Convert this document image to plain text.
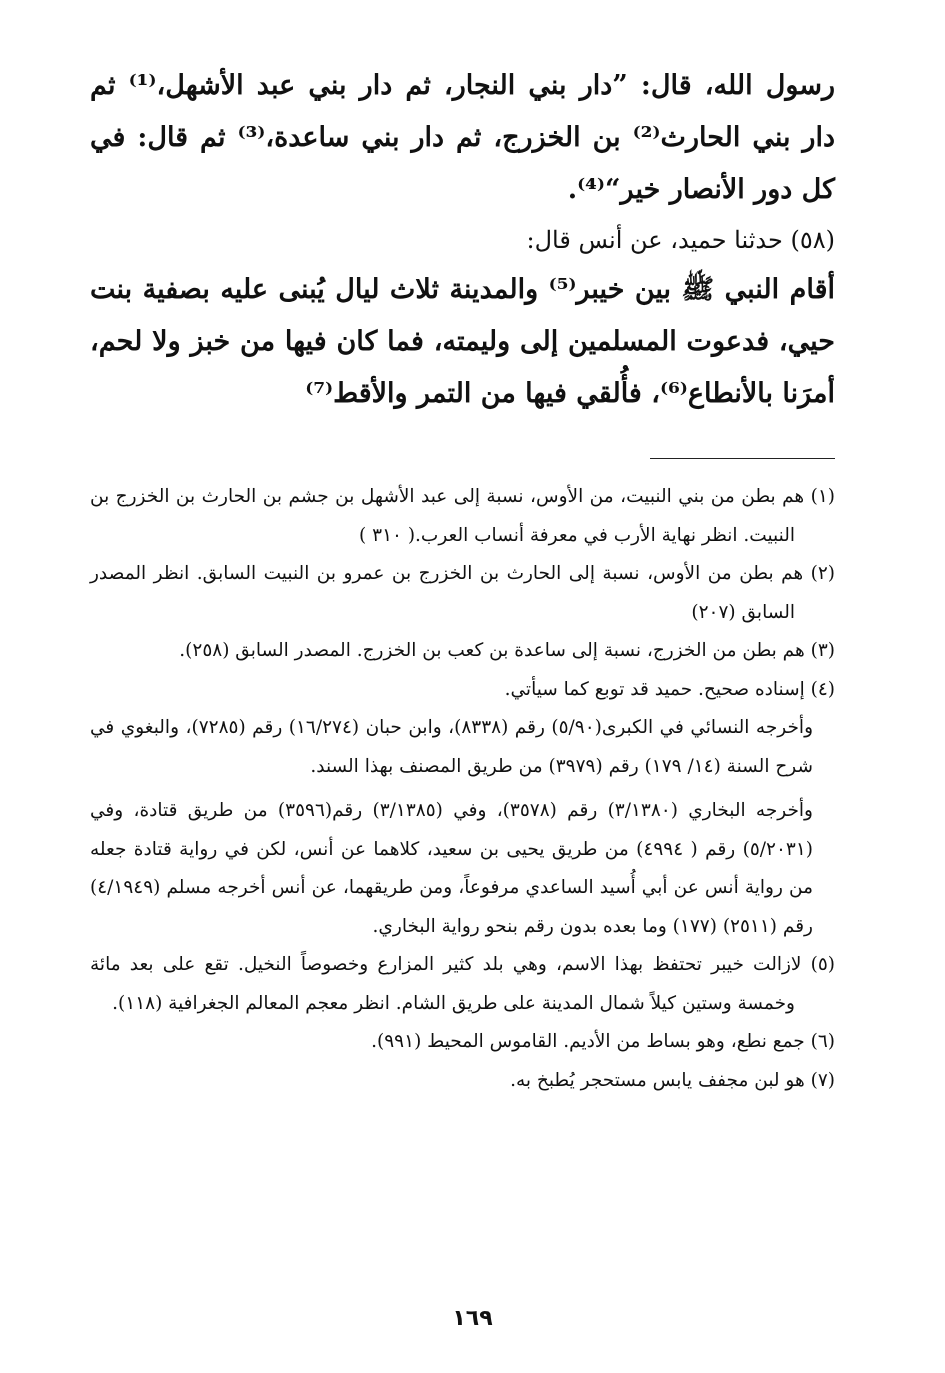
رسول الله، قال: ”دار بني النجار، ثم دار بني عبد الأشهل،⁽¹⁾ ثم دار بني الحارث⁽²⁾ بن الخزرج، ثم دار بني ساعدة،⁽³⁾ ثم قال: في كل دور الأنصار خير“⁽⁴⁾.

(٥٨) حدثنا حميد، عن أنس قال:

أقام النبي ﷺ بين خيبر⁽⁵⁾ والمدينة ثلاث ليال يُبنى عليه بصفية بنت حيي، فدعوت المسلمين إلى وليمته، فما كان فيها من خبز ولا لحم، أمرَنا بالأنطاع⁽⁶⁾، فأُلقي فيها من التمر والأقط⁽⁷⁾

(١) هم بطن من بني النبيت، من الأوس، نسبة إلى عبد الأشهل بن جشم بن الحارث بن الخزرج بن النبيت. انظر نهاية الأرب في معرفة أنساب العرب.( ٣١٠ )

(٢) هم بطن من الأوس، نسبة إلى الحارث بن الخزرج بن عمرو بن النبيت السابق. انظر المصدر السابق (٢٠٧)

(٣) هم بطن من الخزرج، نسبة إلى ساعدة بن كعب بن الخزرج. المصدر السابق (٢٥٨).

(٤) إسناده صحيح. حميد قد توبع كما سيأتي.

وأخرجه النسائي في الكبرى(٥/٩٠) رقم (٨٣٣٨)، وابن حبان (١٦/٢٧٤) رقم (٧٢٨٥)، والبغوي في شرح السنة (١٤/ ١٧٩) رقم (٣٩٧٩) من طريق المصنف بهذا السند.

وأخرجه البخاري (٣/١٣٨٠) رقم (٣٥٧٨)، وفي (٣/١٣٨٥) رقم(٣٥٩٦) من طريق قتادة، وفي (٥/٢٠٣١) رقم ( ٤٩٩٤) من طريق يحيى بن سعيد، كلاهما عن أنس، لكن في رواية قتادة جعله من رواية أنس عن أبي أُسيد الساعدي مرفوعاً، ومن طريقهما، عن أنس أخرجه مسلم (٤/١٩٤٩) رقم (٢٥١١) (١٧٧) وما بعده بدون رقم بنحو رواية البخاري.

(٥) لازالت خيبر تحتفظ بهذا الاسم، وهي بلد كثير المزارع وخصوصاً النخيل. تقع على بعد مائة وخمسة وستين كيلاً شمال المدينة على طريق الشام. انظر معجم المعالم الجغرافية (١١٨).

(٦) جمع نطع، وهو بساط من الأديم. القاموس المحيط (٩٩١).

(٧) هو لبن مجفف يابس مستحجر يُطبخ به.

١٦٩
